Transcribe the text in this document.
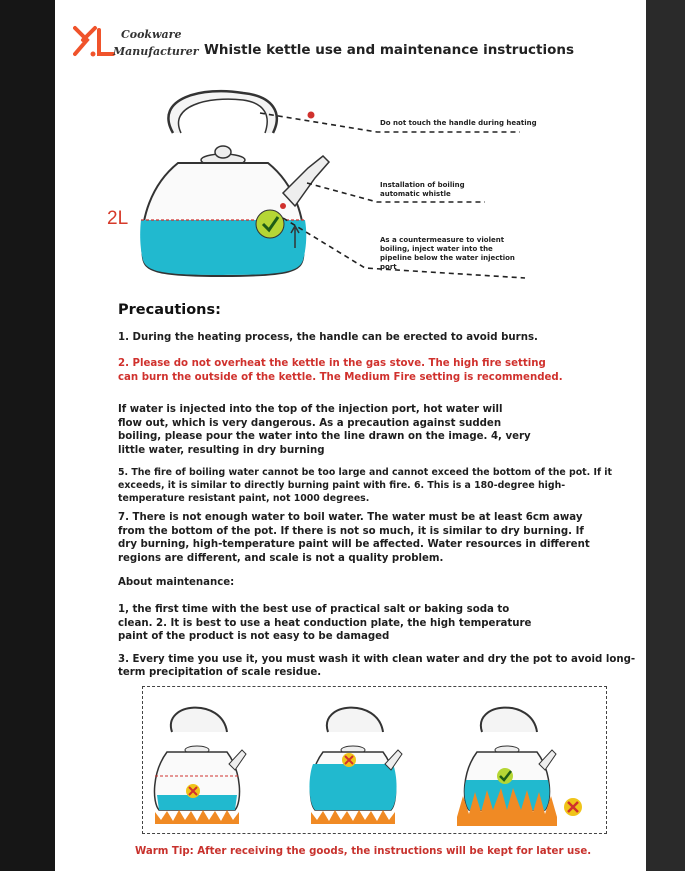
Cookware
Manufacturer Whistle kettle use and maintenance instructions
2L
Do not touch the handle during heating
Installation of boiling
automatic whistle
As a countermeasure to violent
boiling, inject water into the
pipeline below the water injection
port
Precautions:
1. During the heating process, the handle can be erected to avoid burns.
2. Please do not overheat the kettle in the gas stove. The high fire setting
can burn the outside of the kettle. The Medium Fire setting is recommended.
If water is injected into the top of the injection port, hot water will
flow out, which is very dangerous. As a precaution against sudden
boiling, please pour the water into the line drawn on the image. 4, very
little water, resulting in dry burning
5. The fire of boiling water cannot be too large and cannot exceed the bottom of the pot. If it
exceeds, it is similar to directly burning paint with fire. 6. This is a 180-degree high-
temperature resistant paint, not 1000 degrees.
7. There is not enough water to boil water. The water must be at least 6cm away
from the bottom of the pot. If there is not so much, it is similar to dry burning. If
dry burning, high-temperature paint will be affected. Water resources in different
regions are different, and scale is not a quality problem.
About maintenance:
1, the first time with the best use of practical salt or baking soda to
clean. 2. It is best to use a heat conduction plate, the high temperature
paint of the product is not easy to be damaged
3. Every time you use it, you must wash it with clean water and dry the pot to avoid long-
term precipitation of scale residue.
Warm Tip: After receiving the goods, the instructions will be kept for later use.
